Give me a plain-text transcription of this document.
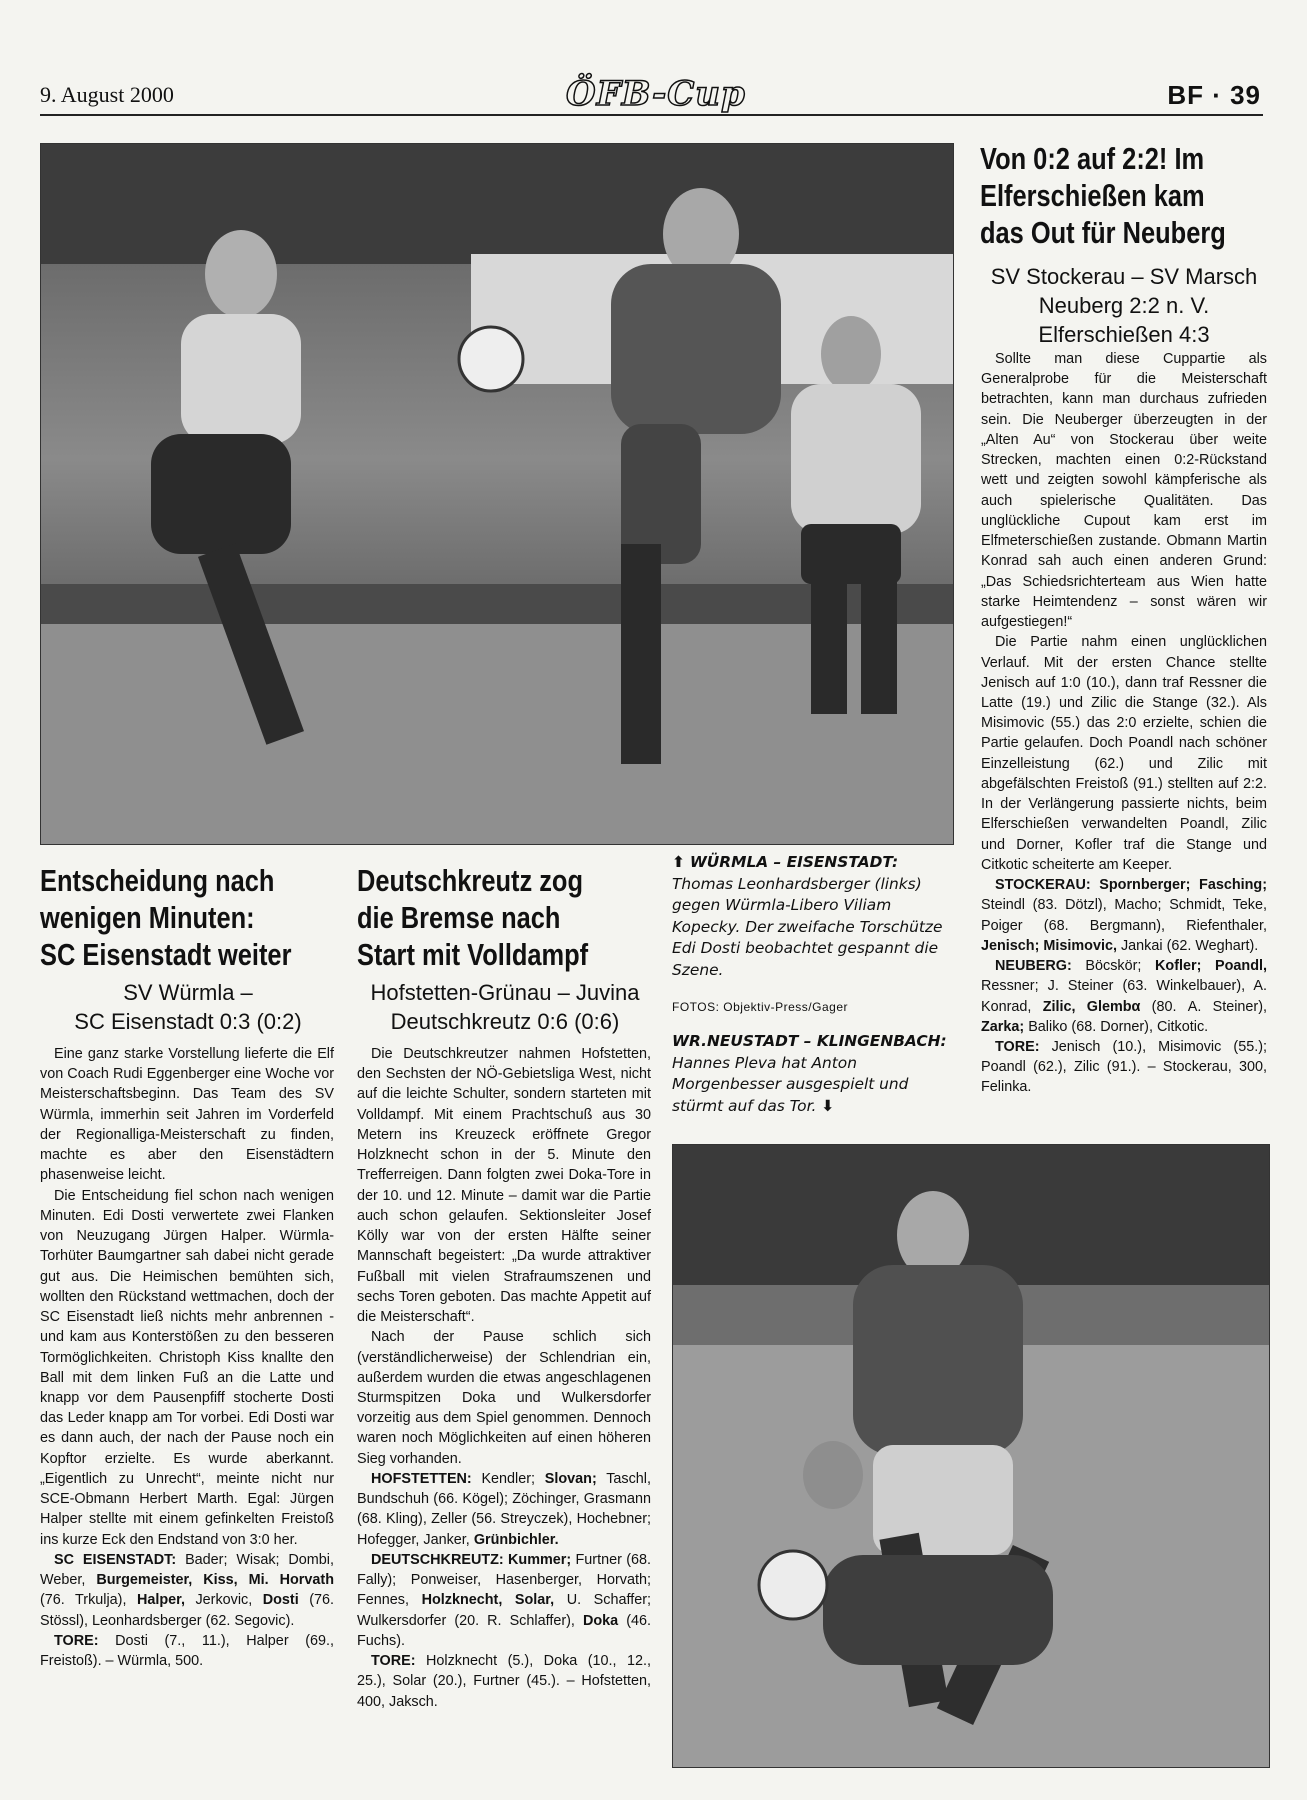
9. August 2000	ÖFB-Cup	BF · 39
⬆ WÜRMLA – EISENSTADT: Thomas Leonhardsberger (links) gegen Würmla-Libero Viliam Kopecky. Der zweifache Torschütze Edi Dosti beobachtet gespannt die Szene.
FOTOS: Objektiv-Press/Gager
WR.NEUSTADT – KLINGENBACH: Hannes Pleva hat Anton Morgenbesser ausgespielt und stürmt auf das Tor. ⬇
Entscheidung nach
wenigen Minuten:
SC Eisenstadt weiter
SV Würmla –
SC Eisenstadt 0:3 (0:2)

Eine ganz starke Vorstellung lieferte die Elf von Coach Rudi Eggenberger eine Woche vor Meisterschaftsbeginn. Das Team des SV Würmla, immerhin seit Jahren im Vorderfeld der Regionalliga-Meisterschaft zu finden, machte es aber den Eisenstädtern phasenweise leicht.

Die Entscheidung fiel schon nach wenigen Minuten. Edi Dosti verwertete zwei Flanken von Neuzugang Jürgen Halper. Würmla-Torhüter Baumgartner sah dabei nicht gerade gut aus. Die Heimischen bemühten sich, wollten den Rückstand wettmachen, doch der SC Eisenstadt ließ nichts mehr anbrennen - und kam aus Konterstößen zu den besseren Tormöglichkeiten. Christoph Kiss knallte den Ball mit dem linken Fuß an die Latte und knapp vor dem Pausenpfiff stocherte Dosti das Leder knapp am Tor vorbei. Edi Dosti war es dann auch, der nach der Pause noch ein Kopftor erzielte. Es wurde aberkannt. „Eigentlich zu Unrecht“, meinte nicht nur SCE-Obmann Herbert Marth. Egal: Jürgen Halper stellte mit einem gefinkelten Freistoß ins kurze Eck den Endstand von 3:0 her.

SC EISENSTADT: Bader; Wisak; Dombi, Weber, Burgemeister, Kiss, Mi. Horvath (76. Trkulja), Halper, Jerkovic, Dosti (76. Stössl), Leonhardsberger (62. Segovic).

TORE: Dosti (7., 11.), Halper (69., Freistoß). – Würmla, 500.

Deutschkreutz zog
die Bremse nach
Start mit Volldampf
Hofstetten-Grünau – Juvina
Deutschkreutz 0:6 (0:6)

Die Deutschkreutzer nahmen Hofstetten, den Sechsten der NÖ-Gebietsliga West, nicht auf die leichte Schulter, sondern starteten mit Volldampf. Mit einem Prachtschuß aus 30 Metern ins Kreuzeck eröffnete Gregor Holzknecht schon in der 5. Minute den Trefferreigen. Dann folgten zwei Doka-Tore in der 10. und 12. Minute – damit war die Partie auch schon gelaufen. Sektionsleiter Josef Kölly war von der ersten Hälfte seiner Mannschaft begeistert: „Da wurde attraktiver Fußball mit vielen Strafraumszenen und sechs Toren geboten. Das machte Appetit auf die Meisterschaft“.

Nach der Pause schlich sich (verständlicherweise) der Schlendrian ein, außerdem wurden die etwas angeschlagenen Sturmspitzen Doka und Wulkersdorfer vorzeitig aus dem Spiel genommen. Dennoch waren noch Möglichkeiten auf einen höheren Sieg vorhanden.

HOFSTETTEN: Kendler; Slovan; Taschl, Bundschuh (66. Kögel); Zöchinger, Grasmann (68. Kling), Zeller (56. Streyczek), Hochebner; Hofegger, Janker, Grünbichler.

DEUTSCHKREUTZ: Kummer; Furtner (68. Fally); Ponweiser, Hasenberger, Horvath; Fennes, Holzknecht, Solar, U. Schaffer; Wulkersdorfer (20. R. Schlaffer), Doka (46. Fuchs).

TORE: Holzknecht (5.), Doka (10., 12., 25.), Solar (20.), Furtner (45.). – Hofstetten, 400, Jaksch.

Von 0:2 auf 2:2! Im
Elferschießen kam
das Out für Neuberg
SV Stockerau – SV Marsch
Neuberg 2:2 n. V.
Elferschießen 4:3

Sollte man diese Cuppartie als Generalprobe für die Meisterschaft betrachten, kann man durchaus zufrieden sein. Die Neuberger überzeugten in der „Alten Au“ von Stockerau über weite Strecken, machten einen 0:2-Rückstand wett und zeigten sowohl kämpferische als auch spielerische Qualitäten. Das unglückliche Cupout kam erst im Elfmeterschießen zustande. Obmann Martin Konrad sah auch einen anderen Grund: „Das Schiedsrichterteam aus Wien hatte starke Heimtendenz – sonst wären wir aufgestiegen!“

Die Partie nahm einen unglücklichen Verlauf. Mit der ersten Chance stellte Jenisch auf 1:0 (10.), dann traf Ressner die Latte (19.) und Zilic die Stange (32.). Als Misimovic (55.) das 2:0 erzielte, schien die Partie gelaufen. Doch Poandl nach schöner Einzelleistung (62.) und Zilic mit abgefälschten Freistoß (91.) stellten auf 2:2. In der Verlängerung passierte nichts, beim Elferschießen verwandelten Poandl, Zilic und Dorner, Kofler traf die Stange und Citkotic scheiterte am Keeper.

STOCKERAU: Spornberger; Fasching; Steindl (83. Dötzl), Macho; Schmidt, Teke, Poiger (68. Bergmann), Riefenthaler, Jenisch; Misimovic, Jankai (62. Weghart).

NEUBERG: Böcskör; Kofler; Poandl, Ressner; J. Steiner (63. Winkelbauer), A. Konrad, Zilic, Glembα (80. A. Steiner), Zarka; Baliko (68. Dorner), Citkotic.

TORE: Jenisch (10.), Misimovic (55.); Poandl (62.), Zilic (91.). – Stockerau, 300, Felinka.
